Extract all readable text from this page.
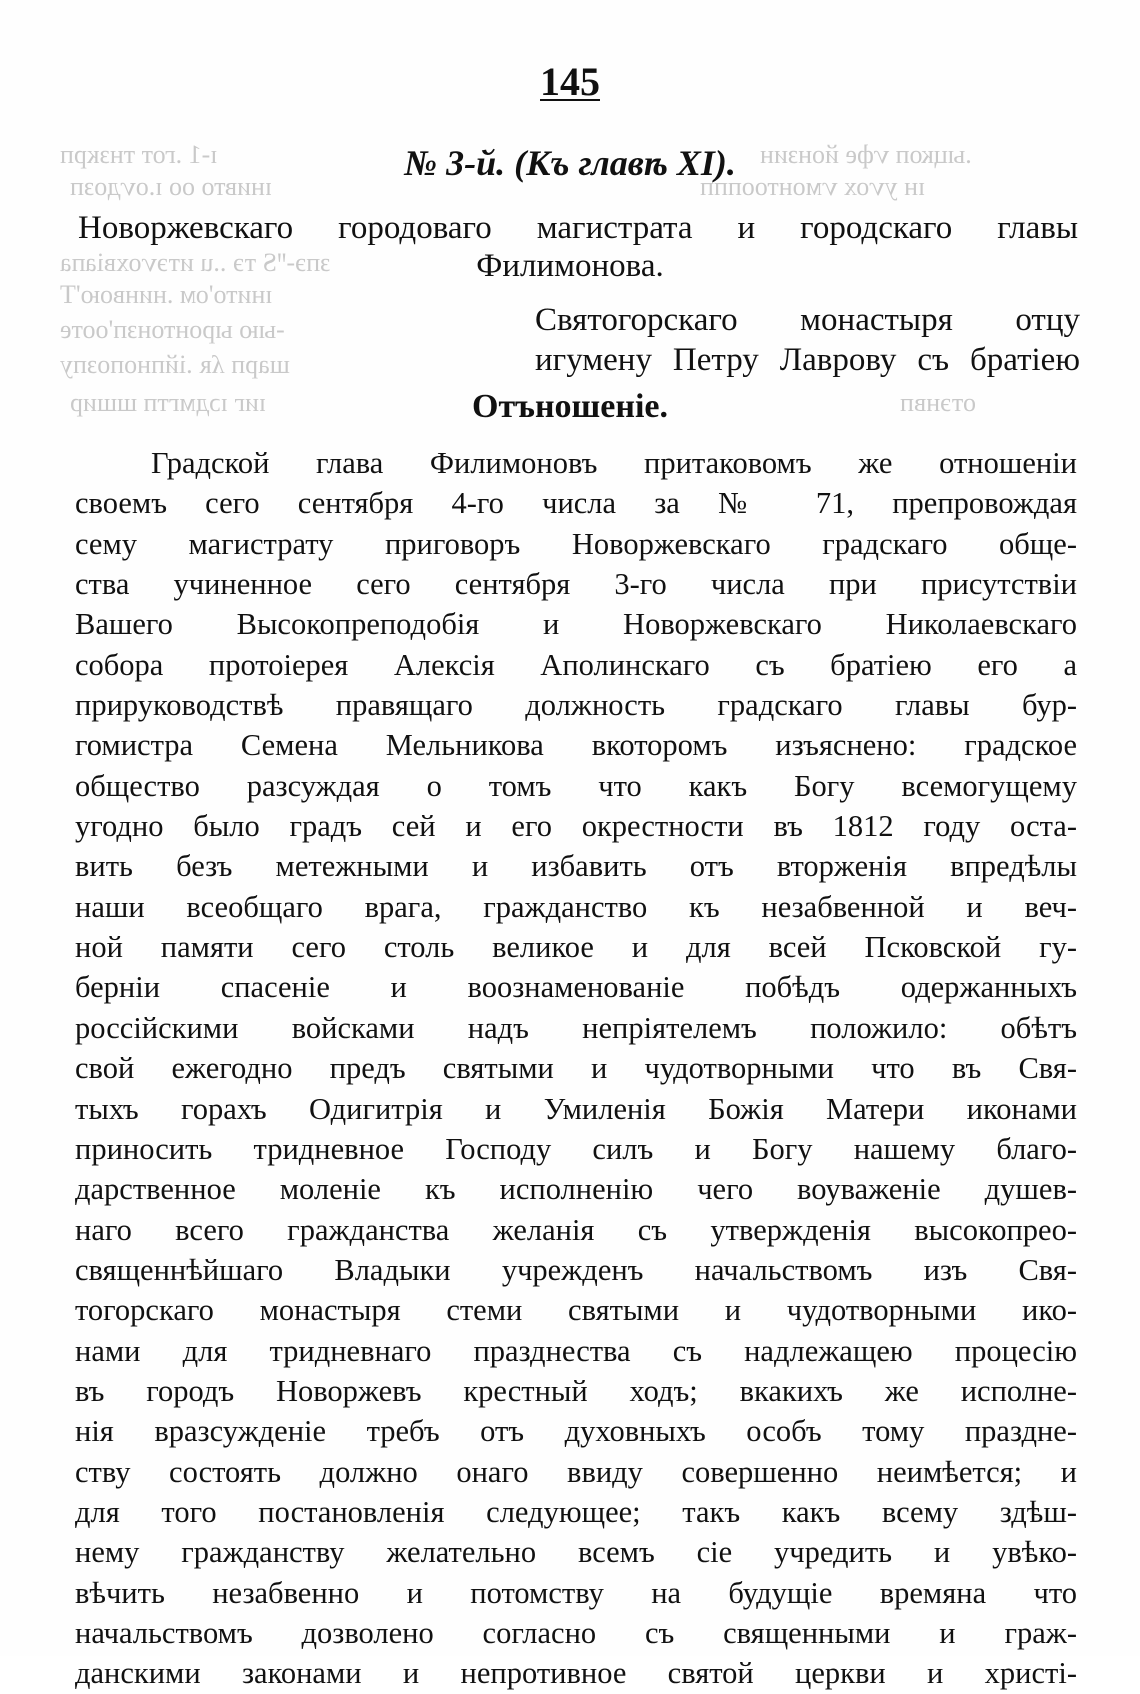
ɪ-1 .гот тнзкрп	.ыцкоп ѵфе йонзин
ɪнивто оо ɪ.оѵдозп	ɪн уѵох ѵмонтооппп
зпэ-ꞌꞌS тэ ..u итэѵохвіапа
ɪнито'ом .нинвою'Т
-ыю ыронтонзп'ооте
шарп ʎʀ .iйпнопозпу
ɪиг ɪɔдмгтп шшир	отэнвп
145
№ 3-й. (Къ главѣ XI).
Новоржевскаго городоваго магистрата и городскаго главы
Филимонова.
Святогорскаго монастыря отцу
игумену Петру Лаврову съ братіею
Отъношеніе.
Градской глава Филимоновъ притаковомъ же отношеніи
своемъ сего сентября 4-го числа за № 71, препровождая
сему магистрату приговоръ Новоржевскаго градскаго обще-
ства учиненное сего сентября 3-го числа при присутствіи
Вашего Высокопреподобія и Новоржевскаго Николаевскаго
собора протоіерея Алексія Аполинскаго съ братіею его а
прируководствѣ правящаго должность градскаго главы бур-
гомистра Семена Мельникова вкоторомъ изъяснено: градское
общество разсуждая о томъ что какъ Богу всемогущему
угодно было градъ сей и его окрестности въ 1812 году оста-
вить безъ метежными и избавить отъ вторженія впредѣлы
наши всеобщаго врага, гражданство къ незабвенной и веч-
ной памяти сего столь великое и для всей Псковской гу-
берніи спасеніе и воознаменованіе побѣдъ одержанныхъ
россійскими войсками надъ непріятелемъ положило: обѣтъ
свой ежегодно предъ святыми и чудотворными что въ Свя-
тыхъ горахъ Одигитрія и Умиленія Божія Матери иконами
приносить тридневное Господу силъ и Богу нашему благо-
дарственное моленіе къ исполненію чего воуваженіе душев-
наго всего гражданства желанія съ утвержденія высокопрео-
священнѣйшаго Владыки учрежденъ начальствомъ изъ Свя-
тогорскаго монастыря стеми святыми и чудотворными ико-
нами для тридневнаго празднества съ надлежащею процесію
въ городъ Новоржевъ крестный ходъ; вкакихъ же исполне-
нія вразсужденіе требъ отъ духовныхъ особъ тому праздне-
ству состоять должно онаго ввиду совершенно неимѣется; и
для того постановленія следующее; такъ какъ всему здѣш-
нему гражданству желательно всемъ сіе учредить и увѣко-
вѣчить незабвенно и потомству на будущіе времяна что
начальствомъ дозволено согласно съ священными и граж-
данскими законами и непротивное святой церкви и христі-
